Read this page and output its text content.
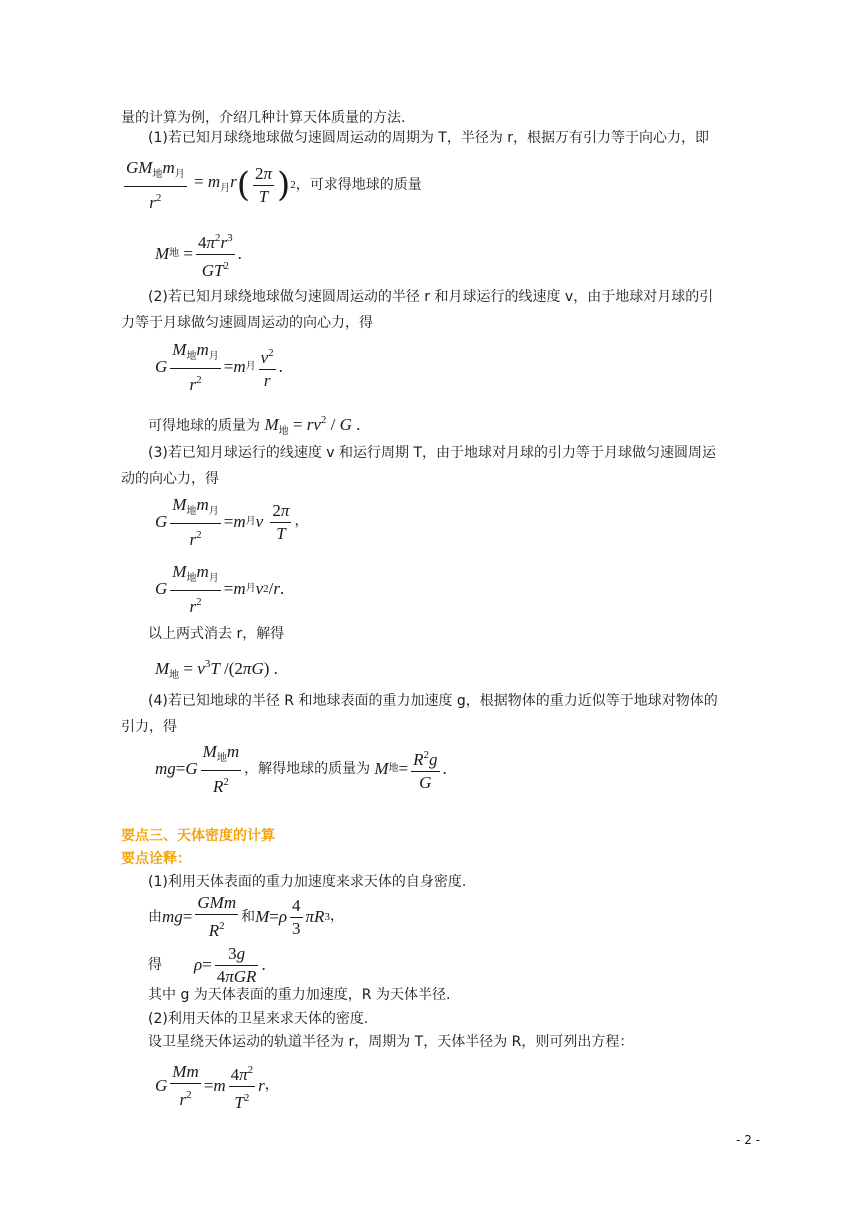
量的计算为例，介绍几种计算天体质量的方法.
(1)若已知月球绕地球做匀速圆周运动的周期为 T，半径为 r，根据万有引力等于向心力，即
$\frac{GM_地m_月}{r^2} = m_月r$ ( $\frac{2\pi}{T}$ ) 2 ，可求得地球的质量
M 地 = $\frac{4\pi^2r^3}{GT^2}$ .
(2)若已知月球绕地球做匀速圆周运动的半径 r 和月球运行的线速度 v，由于地球对月球的引
力等于月球做匀速圆周运动的向心力，得
G $\frac{M_地m_月}{r^2} = m$ 月 $\frac{v^2}{r}$ .
可得地球的质量为 $M_地 = rv^2 / G$ .
(3)若已知月球运行的线速度 v 和运行周期 T，由于地球对月球的引力等于月球做匀速圆周运
动的向心力，得
G $\frac{M_地m_月}{r^2} = m$ 月 v
$\frac{2\pi}{T}$ ，
G $\frac{M_地m_月}{r^2} = m$ 月 v 2 / r .
以上两式消去 r，解得
$M_地 = v^3T$ /(2πG) .
(4)若已知地球的半径 R 和地球表面的重力加速度 g，根据物体的重力近似等于地球对物体的
引力，得
mg = G $\frac{M_地m}{R^2}$ ，解得地球的质量为
M 地 = $\frac{R^2g}{G}$ .
要点三、天体密度的计算
要点诠释：
(1)利用天体表面的重力加速度来求天体的自身密度.
由 mg = $\frac{\text{GMm}}{R^2}$ 和 M = ρ $\frac{4}{3}$ πR 3 ，
得 $\rho = \frac{3g}{\text{4πGR}}$ .
其中 g 为天体表面的重力加速度，R 为天体半径.
(2)利用天体的卫星来求天体的密度.
设卫星绕天体运动的轨道半径为 r，周期为 T，天体半径为 R，则可列出方程：
G $\frac{Mm}{r^2} = m \frac{4\pi^2}{T^2}$ r ，
- 2 -
